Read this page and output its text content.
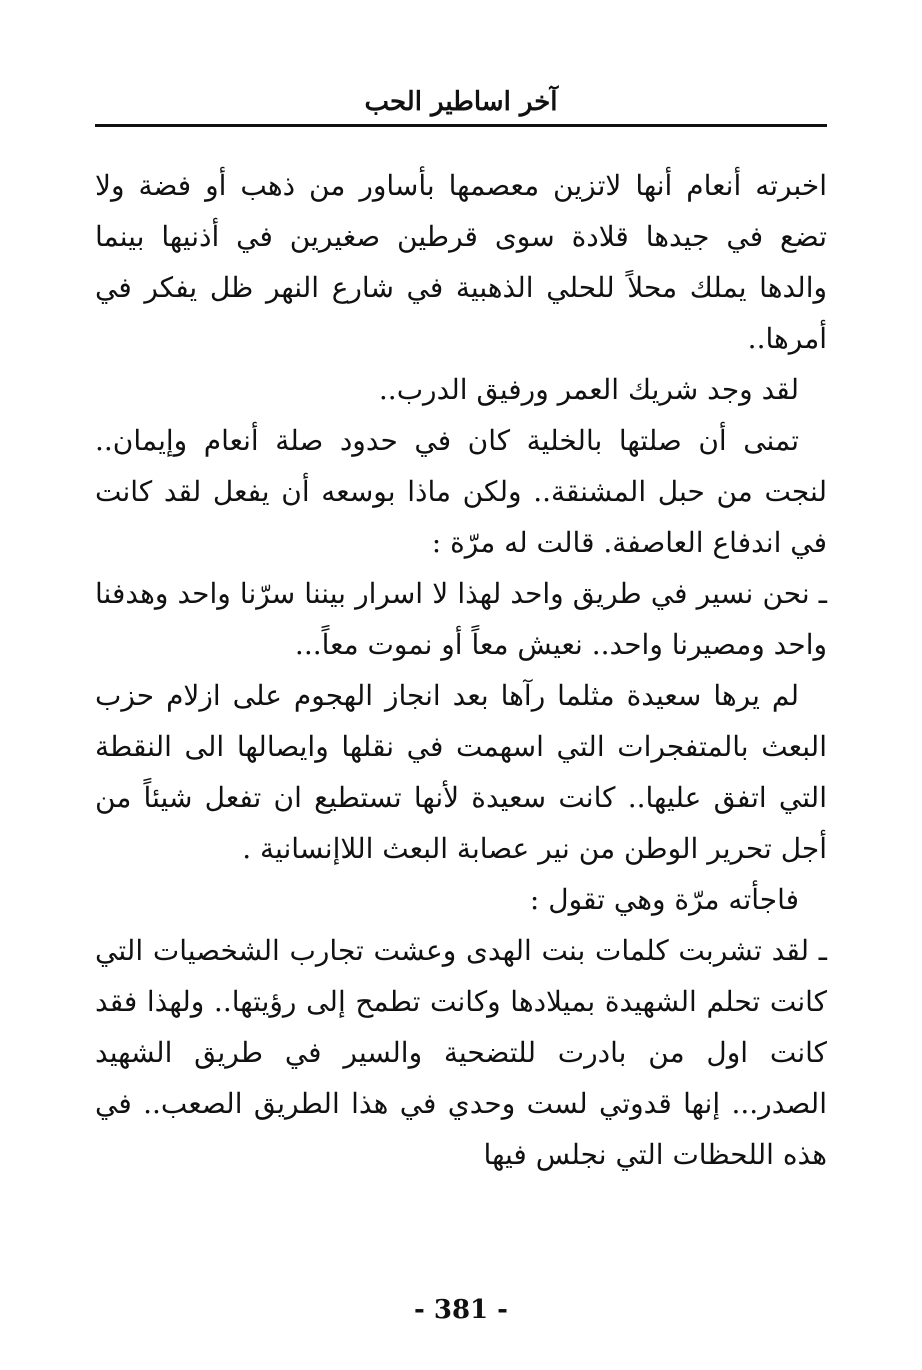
آخر اساطير الحب

اخبرته أنعام أنها لاتزين معصمها بأساور من ذهب أو فضة ولا تضع في جيدها قلادة سوى قرطين صغيرين في أذنيها بينما والدها يملك محلاً للحلي الذهبية في شارع النهر ظل يفكر في أمرها..

لقد وجد شريك العمر ورفيق الدرب..

تمنى أن صلتها بالخلية كان في حدود صلة أنعام وإيمان.. لنجت من حبل المشنقة.. ولكن ماذا بوسعه أن يفعل لقد كانت في اندفاع العاصفة. قالت له مرّة :

ـ نحن نسير في طريق واحد لهذا لا اسرار بيننا سرّنا واحد وهدفنا واحد ومصيرنا واحد.. نعيش معاً أو نموت معاً...

لم يرها سعيدة مثلما رآها بعد انجاز الهجوم على ازلام حزب البعث بالمتفجرات التي اسهمت في نقلها وايصالها الى النقطة التي اتفق عليها.. كانت سعيدة لأنها تستطيع ان تفعل شيئاً من أجل تحرير الوطن من نير عصابة البعث اللاإنسانية .

فاجأته مرّة وهي تقول :

ـ لقد تشربت كلمات بنت الهدى وعشت تجارب الشخصيات التي كانت تحلم الشهيدة بميلادها وكانت تطمح إلى رؤيتها.. ولهذا فقد كانت اول من بادرت للتضحية والسير في طريق الشهيد الصدر... إنها قدوتي لست وحدي في هذا الطريق الصعب.. في هذه اللحظات التي نجلس فيها

- 381 -
